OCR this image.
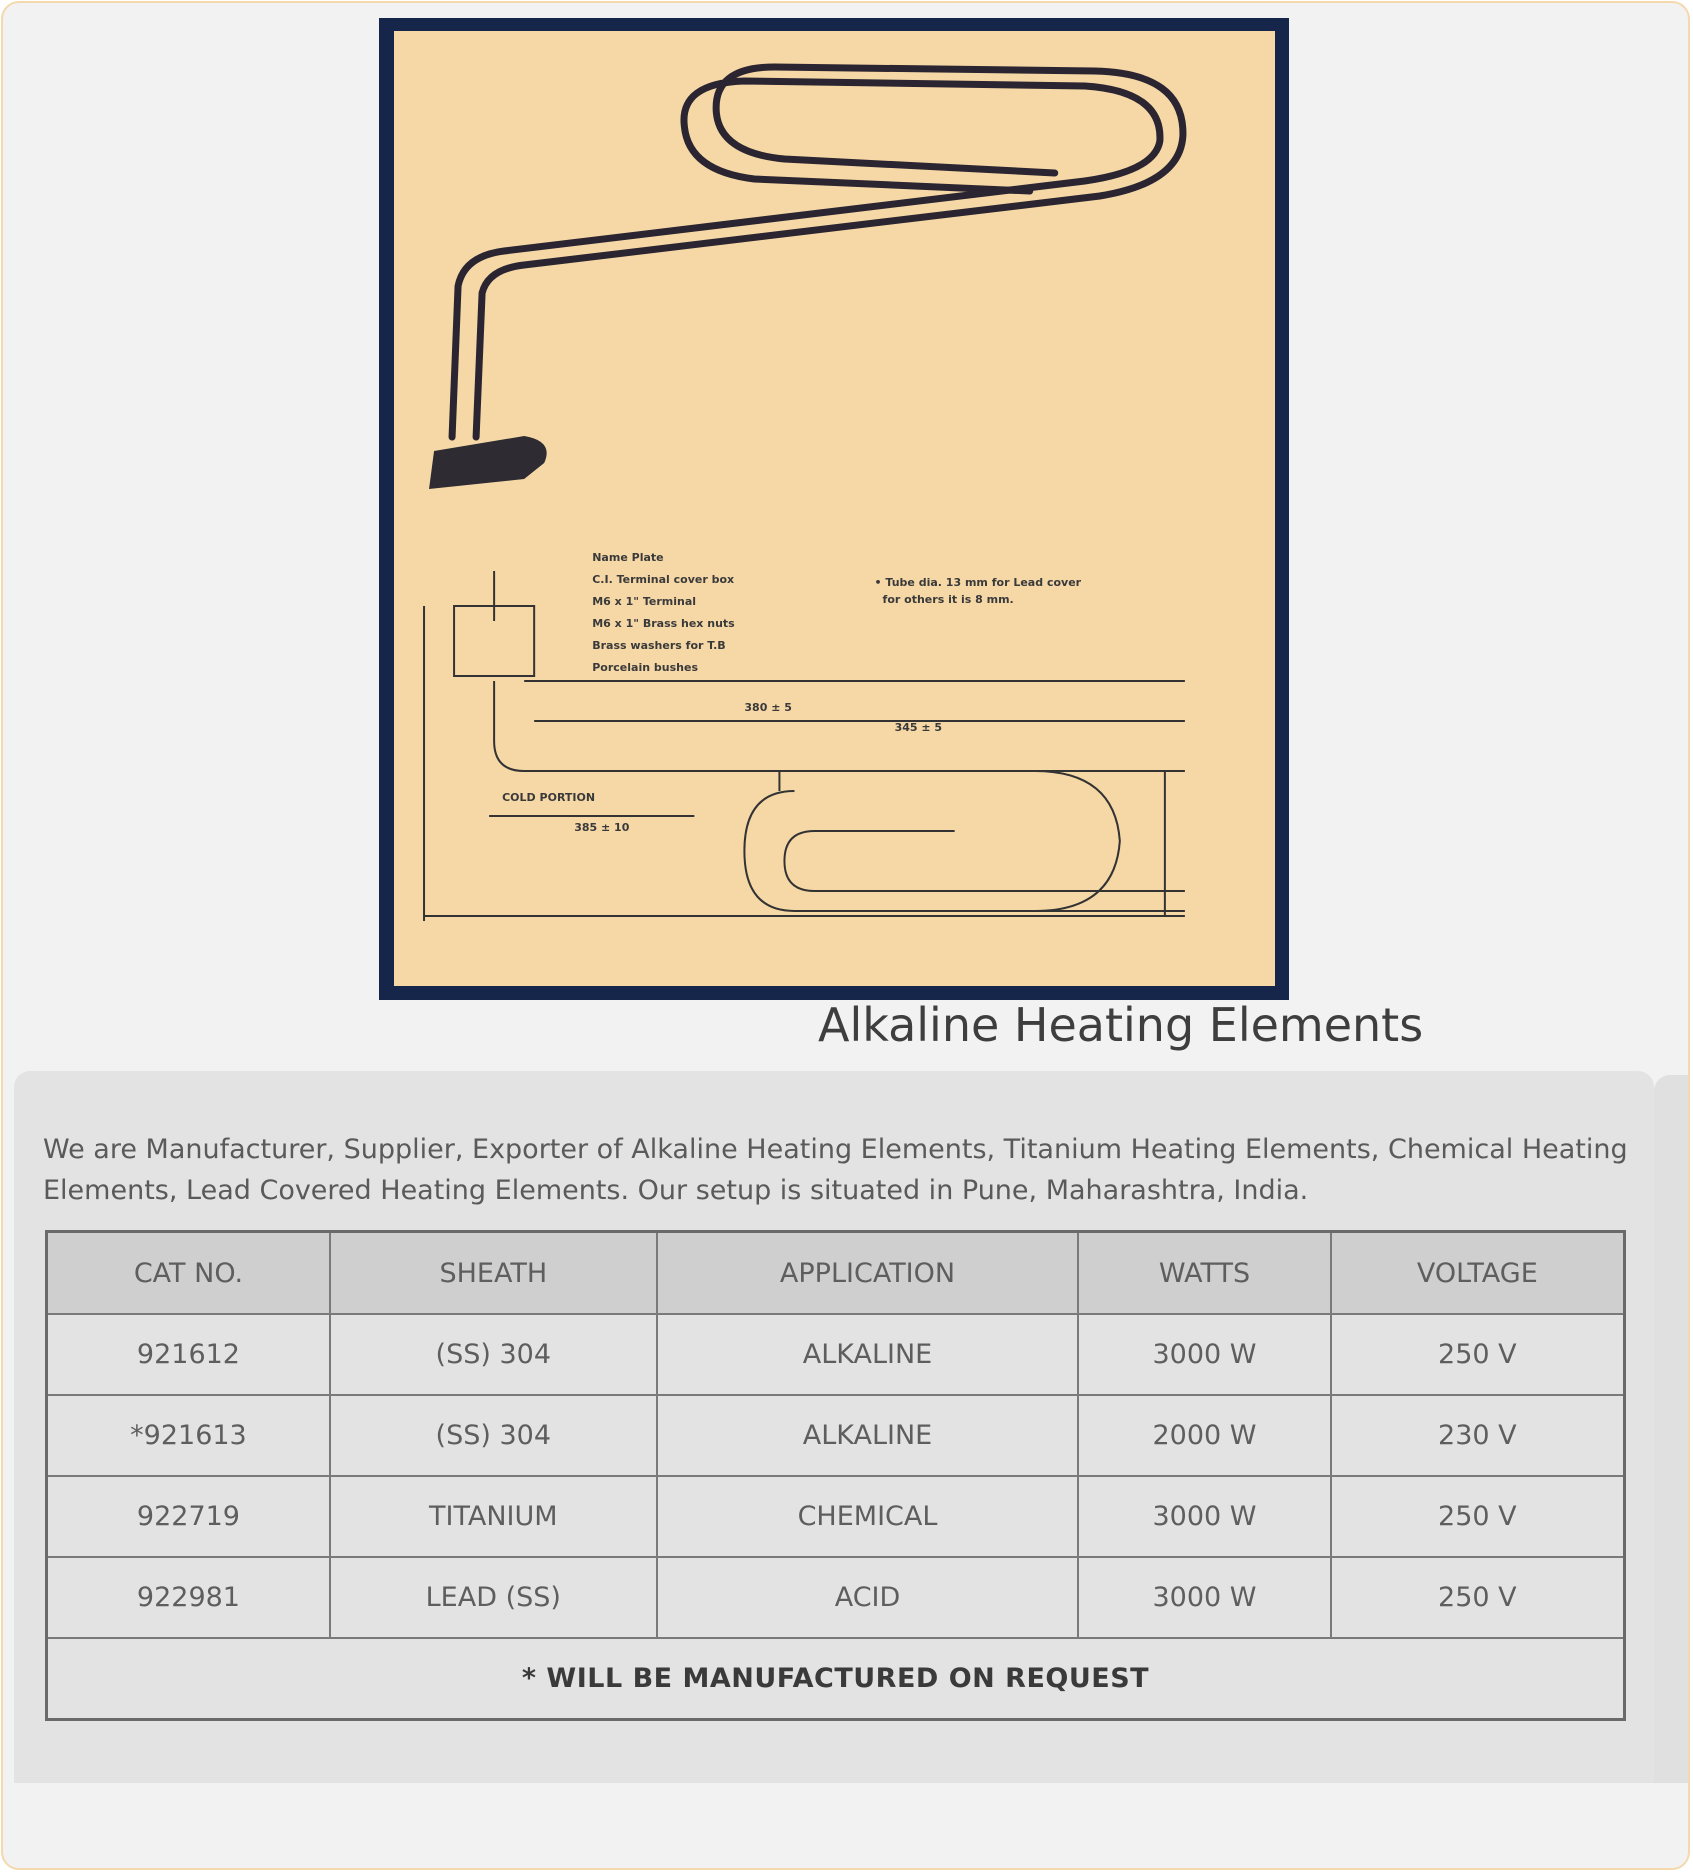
Name Plate
C.I. Terminal cover box
M6 x 1" Terminal
M6 x 1" Brass hex nuts
Brass washers for T.B
Porcelain bushes
• Tube dia. 13 mm for Lead cover
for others it is 8 mm.
380 ± 5
345 ± 5
COLD PORTION
385 ± 10
Alkaline Heating Elements
We are Manufacturer, Supplier, Exporter of Alkaline Heating Elements, Titanium Heating Elements, Chemical Heating Elements, Lead Covered Heating Elements. Our setup is situated in Pune, Maharashtra, India.
CAT NO.	SHEATH	APPLICATION	WATTS	VOLTAGE
921612	(SS) 304	ALKALINE	3000 W	250 V
*921613	(SS) 304	ALKALINE	2000 W	230 V
922719	TITANIUM	CHEMICAL	3000 W	250 V
922981	LEAD (SS)	ACID	3000 W	250 V
* WILL BE MANUFACTURED ON REQUEST				
